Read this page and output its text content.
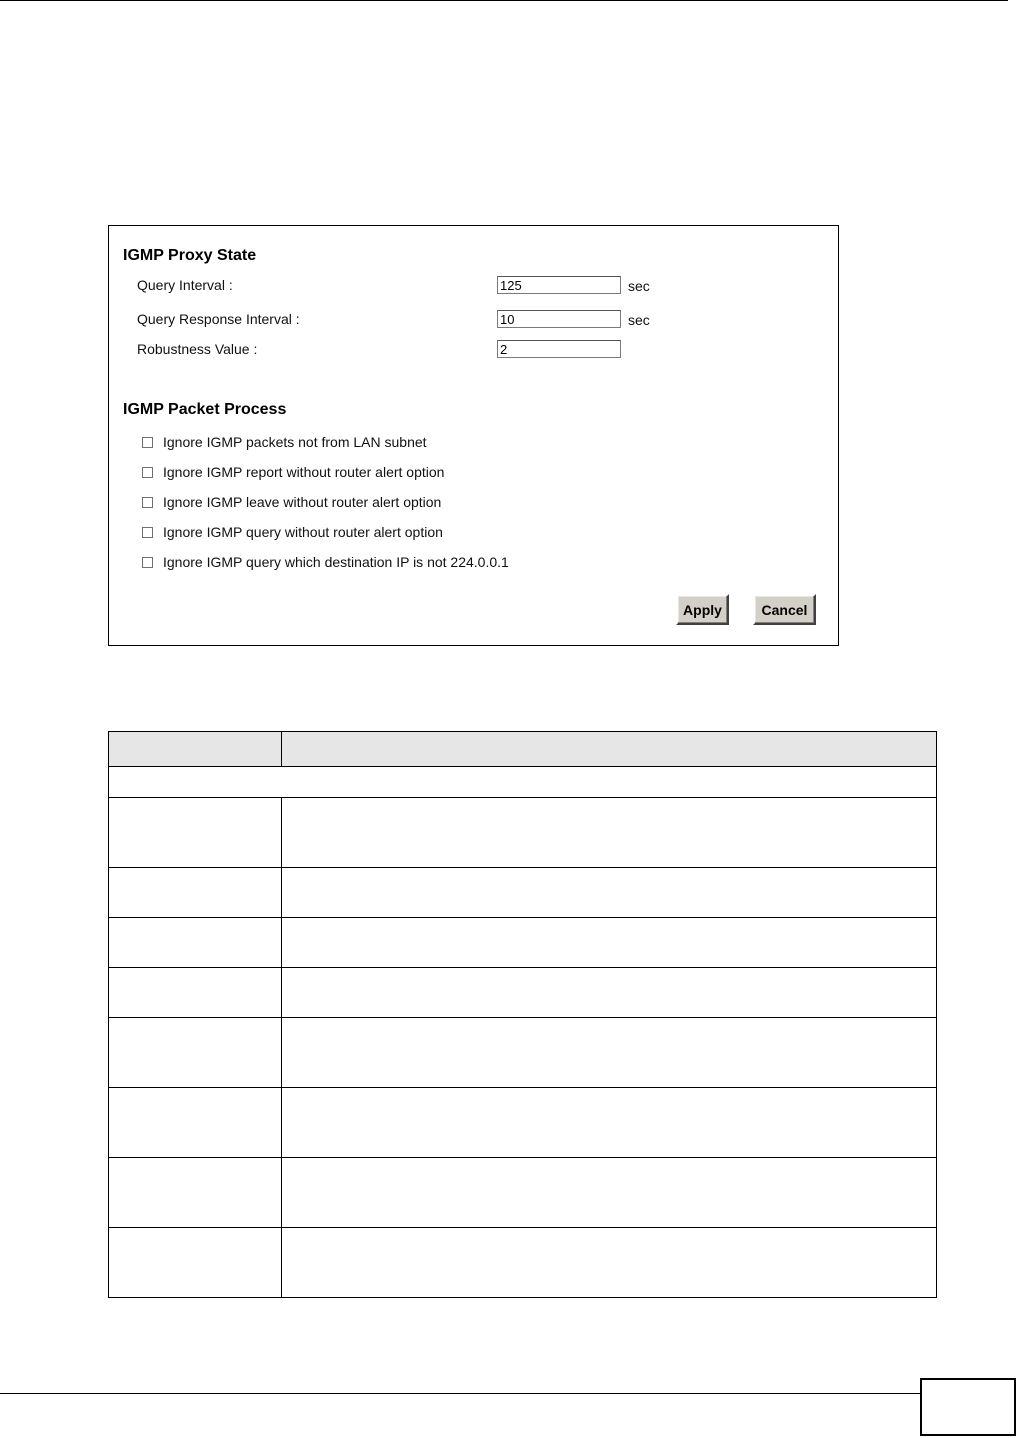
IGMP Proxy State
Query Interval :
125	sec
Query Response Interval :
10	sec
Robustness Value :
2
IGMP Packet Process
Ignore IGMP packets not from LAN subnet
Ignore IGMP report without router alert option
Ignore IGMP leave without router alert option
Ignore IGMP query without router alert option
Ignore IGMP query which destination IP is not 224.0.0.1
Apply	Cancel
